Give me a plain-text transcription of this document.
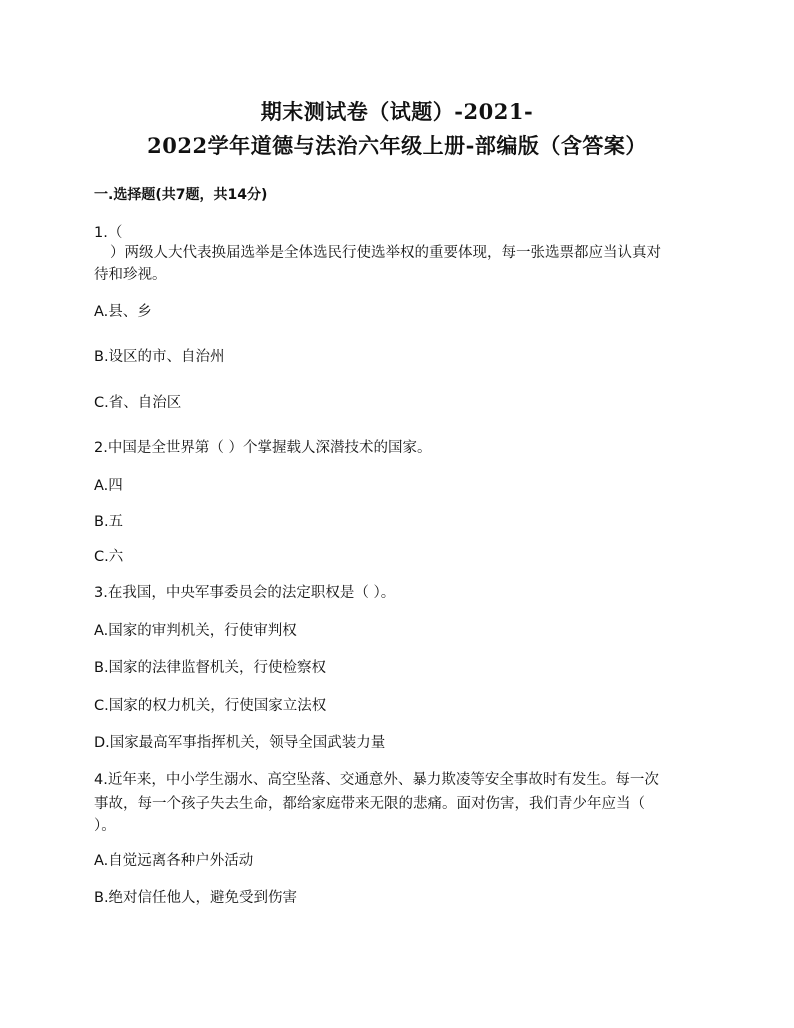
期末测试卷（试题）-2021-
2022学年道德与法治六年级上册-部编版（含答案）
一.选择题(共7题，共14分)
1.（
）两级人大代表换届选举是全体选民行使选举权的重要体现，每一张选票都应当认真对
待和珍视。
A.县、乡
B.设区的市、自治州
C.省、自治区
2.中国是全世界第（ ）个掌握载人深潜技术的国家。
A.四
B.五
C.六
3.在我国，中央军事委员会的法定职权是（ ）。
A.国家的审判机关，行使审判权
B.国家的法律监督机关，行使检察权
C.国家的权力机关，行使国家立法权
D.国家最高军事指挥机关，领导全国武装力量
4.近年来，中小学生溺水、高空坠落、交通意外、暴力欺凌等安全事故时有发生。每一次
事故，每一个孩子失去生命，都给家庭带来无限的悲痛。面对伤害，我们青少年应当（
）。
A.自觉远离各种户外活动
B.绝对信任他人，避免受到伤害
